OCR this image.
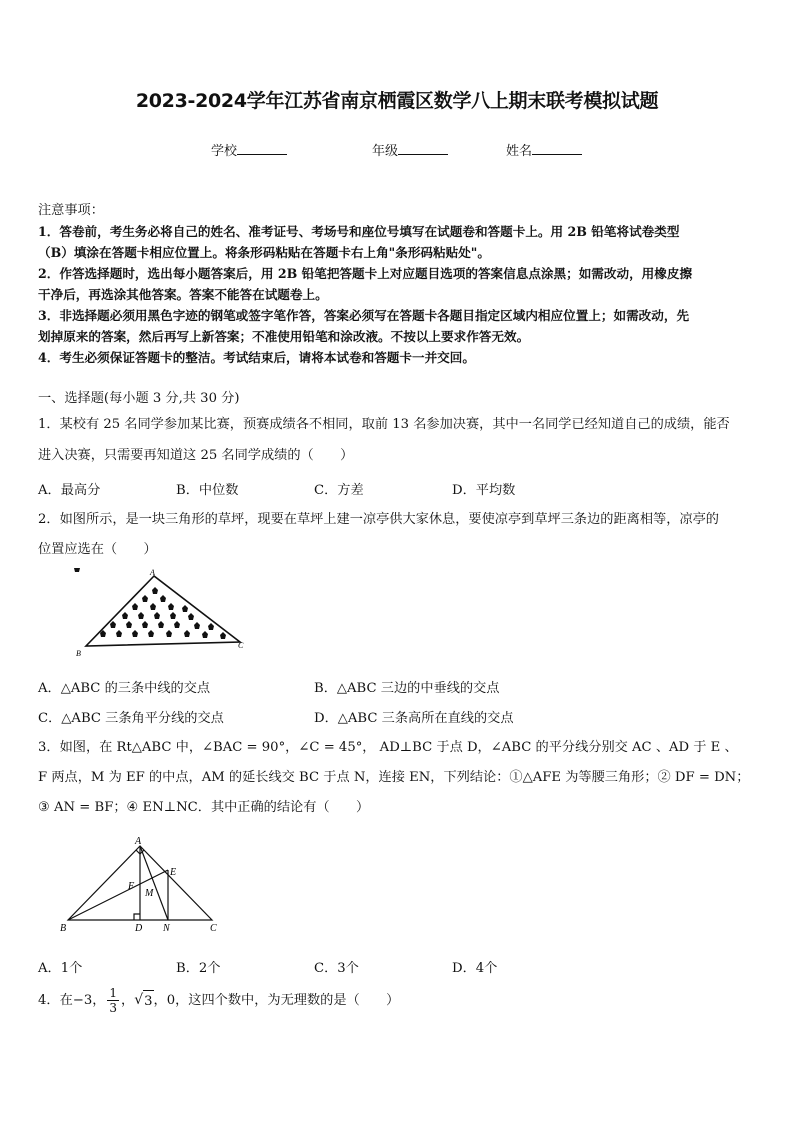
2023-2024学年江苏省南京栖霞区数学八上期末联考模拟试题
学校	年级	姓名
注意事项：
1．答卷前，考生务必将自己的姓名、准考证号、考场号和座位号填写在试题卷和答题卡上。用 2B 铅笔将试卷类型
（B）填涂在答题卡相应位置上。将条形码粘贴在答题卡右上角"条形码粘贴处"。
2．作答选择题时，选出每小题答案后，用 2B 铅笔把答题卡上对应题目选项的答案信息点涂黑；如需改动，用橡皮擦
干净后，再选涂其他答案。答案不能答在试题卷上。
3．非选择题必须用黑色字迹的钢笔或签字笔作答，答案必须写在答题卡各题目指定区域内相应位置上；如需改动，先
划掉原来的答案，然后再写上新答案；不准使用铅笔和涂改液。不按以上要求作答无效。
4．考生必须保证答题卡的整洁。考试结束后，请将本试卷和答题卡一并交回。
一、选择题(每小题 3 分,共 30 分)
1．某校有 25 名同学参加某比赛，预赛成绩各不相同，取前 13 名参加决赛，其中一名同学已经知道自己的成绩，能否
进入决赛，只需要再知道这 25 名同学成绩的（　　）
A．最高分	B．中位数	C．方差	D．平均数
2．如图所示，是一块三角形的草坪，现要在草坪上建一凉亭供大家休息，要使凉亭到草坪三条边的距离相等，凉亭的
位置应选在（　　）
A
B
C
A．△ABC 的三条中线的交点	B．△ABC 三边的中垂线的交点
C．△ABC 三条角平分线的交点	D．△ABC 三条高所在直线的交点
3．如图，在 Rt△ABC 中，∠BAC = 90°，∠C = 45°， AD⊥BC 于点 D，∠ABC 的平分线分别交 AC 、AD 于 E 、
F 两点，M 为 EF 的中点，AM 的延长线交 BC 于点 N，连接 EN，下列结论：①△AFE 为等腰三角形；② DF = DN；
③ AN = BF；④ EN⊥NC．其中正确的结论有（　　）
A
B	C
D
E
F
M
N
A．1个	B．2个	C．3个	D．4个
4．在−3， $\frac{1}{3}$ ， √ 3 ，0，这四个数中，为无理数的是（　　）
